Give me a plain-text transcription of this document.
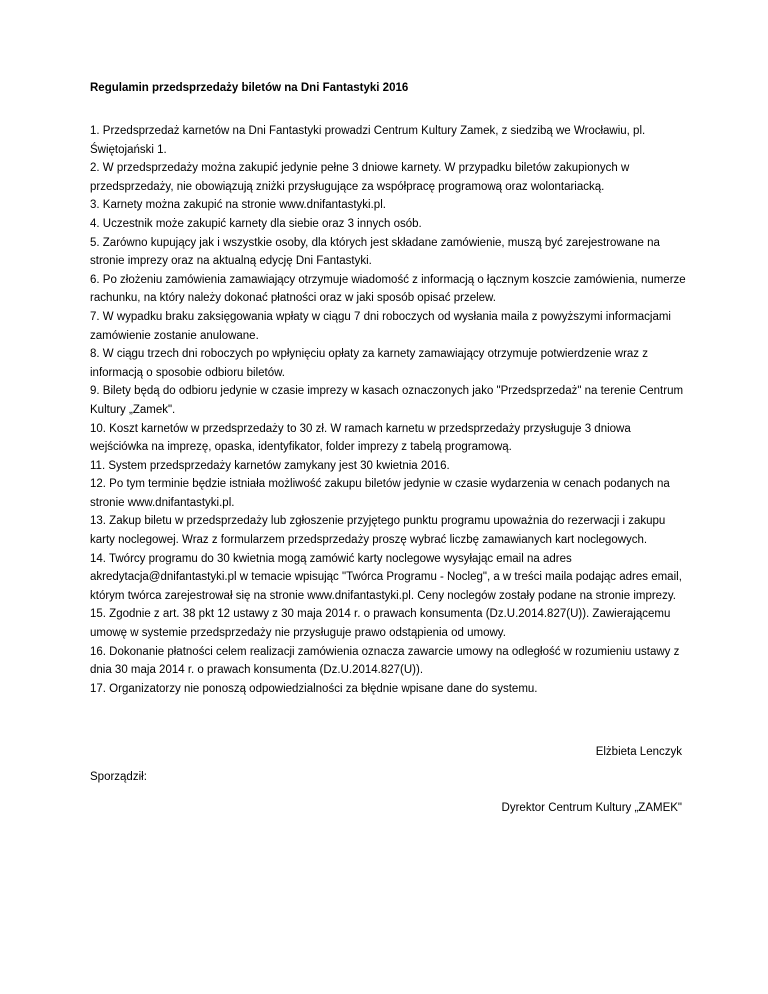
Regulamin przedsprzedaży biletów na Dni Fantastyki 2016

1. Przedsprzedaż karnetów na Dni Fantastyki prowadzi Centrum Kultury Zamek, z siedzibą we Wrocławiu, pl. Świętojański 1.

2. W przedsprzedaży można zakupić jedynie pełne 3 dniowe karnety. W przypadku biletów zakupionych w przedsprzedaży, nie obowiązują zniżki przysługujące za współpracę programową oraz wolontariacką.

3. Karnety można zakupić na stronie www.dnifantastyki.pl.

4. Uczestnik może zakupić karnety dla siebie oraz 3 innych osób.

5. Zarówno kupujący jak i wszystkie osoby, dla których jest składane zamówienie, muszą być zarejestrowane na stronie imprezy oraz na aktualną edycję Dni Fantastyki.

6. Po złożeniu zamówienia zamawiający otrzymuje wiadomość z informacją o łącznym koszcie zamówienia, numerze rachunku, na który należy dokonać płatności oraz w jaki sposób opisać przelew.

7. W wypadku braku zaksięgowania wpłaty w ciągu 7 dni roboczych od wysłania maila z powyższymi informacjami zamówienie zostanie anulowane.

8. W ciągu trzech dni roboczych po wpłynięciu opłaty za karnety zamawiający otrzymuje potwierdzenie wraz z informacją o sposobie odbioru biletów.

9. Bilety będą do odbioru jedynie w czasie imprezy w kasach oznaczonych jako "Przedsprzedaż" na terenie Centrum Kultury „Zamek".

10. Koszt karnetów w przedsprzedaży to 30 zł. W ramach karnetu w przedsprzedaży przysługuje 3 dniowa wejściówka na imprezę, opaska, identyfikator, folder imprezy z tabelą programową.

11. System przedsprzedaży karnetów zamykany jest 30 kwietnia 2016.

12. Po tym terminie będzie istniała możliwość zakupu biletów jedynie w czasie wydarzenia w cenach podanych na stronie www.dnifantastyki.pl.

13. Zakup biletu w przedsprzedaży lub zgłoszenie przyjętego punktu programu upoważnia do rezerwacji i zakupu karty noclegowej. Wraz z formularzem przedsprzedaży proszę wybrać liczbę zamawianych kart noclegowych.

14. Twórcy programu do 30 kwietnia mogą zamówić karty noclegowe wysyłając email na adres akredytacja@dnifantastyki.pl w temacie wpisując "Twórca Programu - Nocleg", a w treści maila podając adres email, którym twórca zarejestrował się na stronie www.dnifantastyki.pl. Ceny noclegów zostały podane na stronie imprezy.

15. Zgodnie z art. 38 pkt 12 ustawy z 30 maja 2014 r. o prawach konsumenta (Dz.U.2014.827(U)). Zawierającemu umowę w systemie przedsprzedaży nie przysługuje prawo odstąpienia od umowy.

16. Dokonanie płatności celem realizacji zamówienia oznacza zawarcie umowy na odległość w rozumieniu ustawy z dnia 30 maja 2014 r. o prawach konsumenta (Dz.U.2014.827(U)).

17. Organizatorzy nie ponoszą odpowiedzialności za błędnie wpisane dane do systemu.

Elżbieta Lenczyk
Sporządził:
Dyrektor Centrum Kultury „ZAMEK"
